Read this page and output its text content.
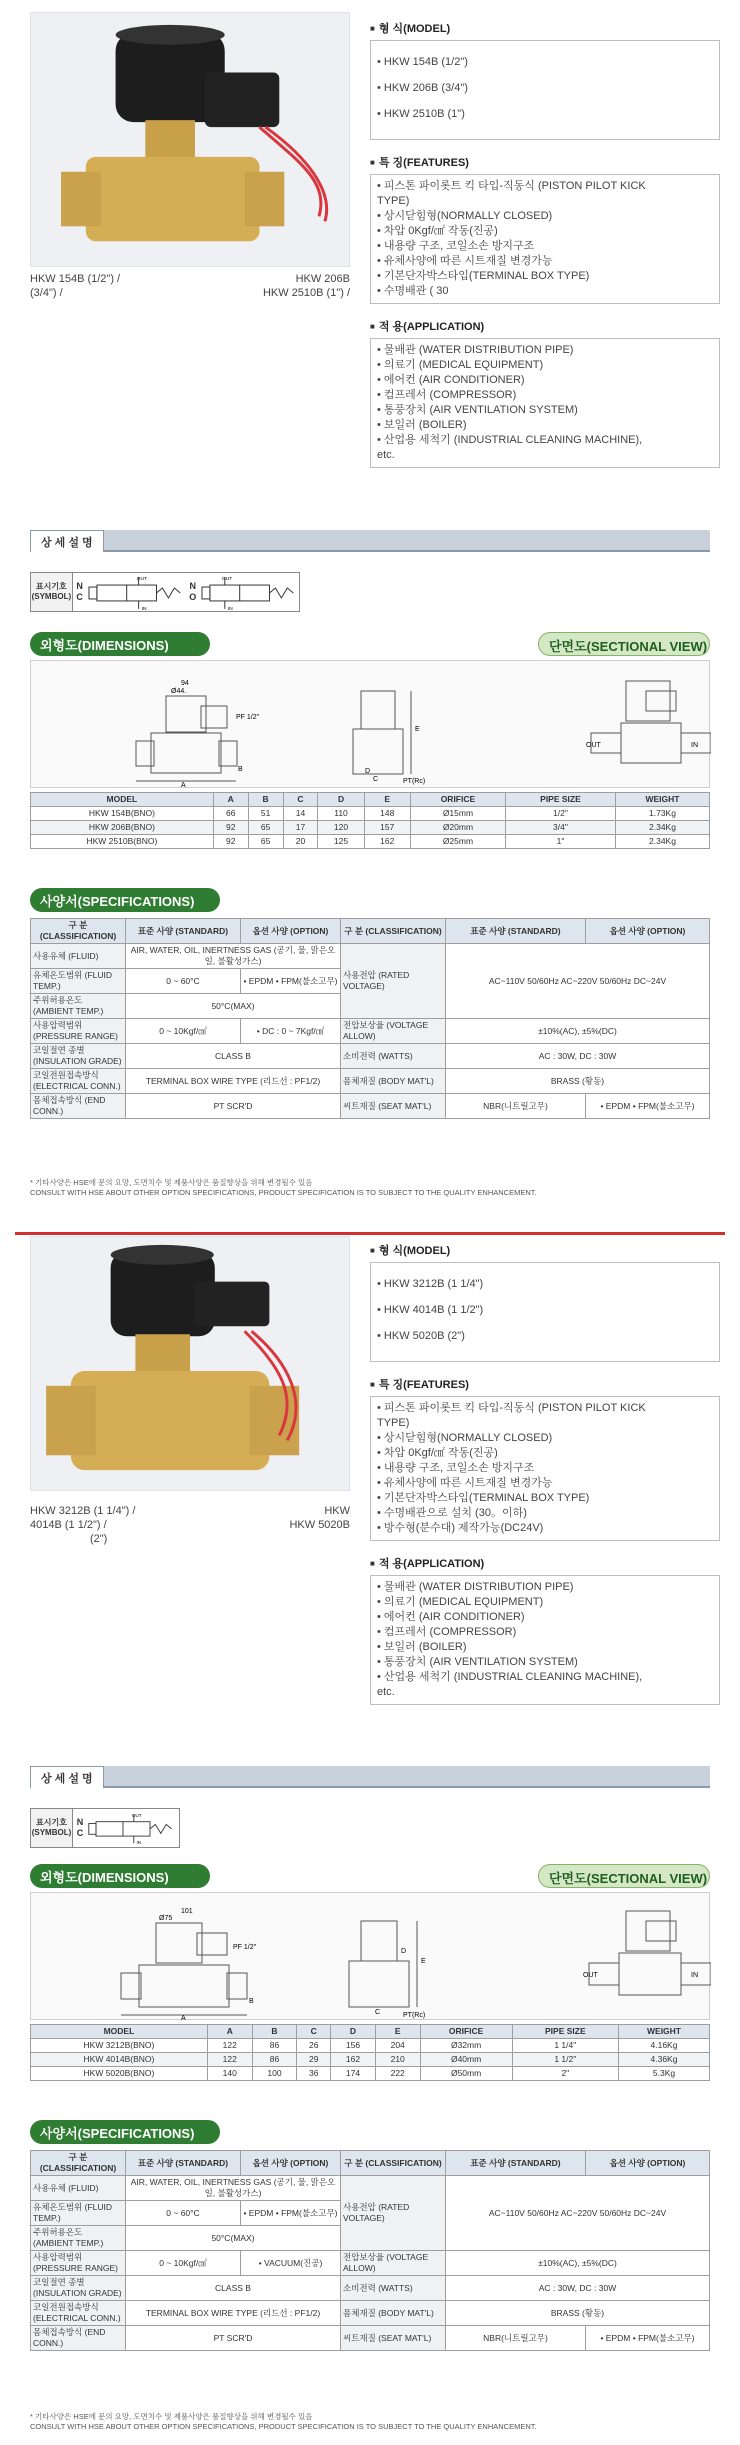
HKW 154B (1/2") /	HKW 206B
(3/4") /	HKW 2510B (1") /
■ 형 식(MODEL)
• HKW 154B (1/2")
• HKW 206B (3/4")
• HKW 2510B (1")
■ 특 징(FEATURES)
• 피스톤 파이롯트 킥 타입-직동식 (PISTON PILOT KICK
TYPE)
• 상시닫힘형(NORMALLY CLOSED)
• 차압 0Kgf/㎠ 작동(진공)
• 내용량 구조, 코일소손 방지구조
• 유체사양에 따른 시트재질 변경가능
• 기본단자박스타입(TERMINAL BOX TYPE)
• 수명배관 ( 30
■ 적 용(APPLICATION)
• 물배관 (WATER DISTRIBUTION PIPE)
• 의료기 (MEDICAL EQUIPMENT)
• 에어컨 (AIR CONDITIONER)
• 컴프레서 (COMPRESSOR)
• 통풍장치 (AIR VENTILATION SYSTEM)
• 보일러 (BOILER)
• 산업용 세척기 (INDUSTRIAL CLEANING MACHINE),
etc.
상 세 설 명
표시기호
(SYMBOL)
N
C
OUT
IN
N
O
OUT
IN
외형도(DIMENSIONS)	단면도(SECTIONAL VIEW)
94
Ø44.
PF 1/2"
A
B
E
C
D
PT(Rc)
OUT	IN
MODEL	A	B	C	D	E	ORIFICE	PIPE SIZE	WEIGHT
HKW 154B(BNO)	66	51	14	110	148	Ø15mm	1/2"	1.73Kg
HKW 206B(BNO)	92	65	17	120	157	Ø20mm	3/4"	2.34Kg
HKW 2510B(BNO)	92	65	20	125	162	Ø25mm	1"	2.34Kg
사양서(SPECIFICATIONS)
구 분 (CLASSIFICATION)	표준 사양 (STANDARD)	옵션 사양 (OPTION)	구 분 (CLASSIFICATION)	표준 사양 (STANDARD)	옵션 사양 (OPTION)
사용유체 (FLUID)	AIR, WATER, OIL, INERTNESS GAS (공기, 물, 맑은오일, 불활성가스)		사용전압 (RATED VOLTAGE)	AC~110V 50/60Hz AC~220V 50/60Hz DC~24V	
유체온도범위 (FLUID TEMP.)	0 ~ 60°C	• EPDM • FPM(불소고무)			
주위허용온도 (AMBIENT TEMP.)	50°C(MAX)				
사용압력범위 (PRESSURE RANGE)	0 ~ 10Kgf/㎠	• DC : 0 ~ 7Kgf/㎠	전압보상율 (VOLTAGE ALLOW)	±10%(AC), ±5%(DC)	
코일절연 종별 (INSULATION GRADE)	CLASS B		소비전력 (WATTS)	AC : 30W, DC : 30W	
코일전원접속방식 (ELECTRICAL CONN.)	TERMINAL BOX WIRE TYPE (리드선 : PF1/2)		몸체재질 (BODY MAT'L)	BRASS (황동)	
몸체접속방식 (END CONN.)	PT SCR'D		씨트재질 (SEAT MAT'L)	NBR(니트릴고무)	• EPDM • FPM(불소고무)
* 기타사양은 HSE에 문의 요망, 도면치수 및 제품사양은 품질향상을 위해 변경될수 있음
CONSULT WITH HSE ABOUT OTHER OPTION SPECIFICATIONS, PRODUCT SPECIFICATION IS TO SUBJECT TO THE QUALITY ENHANCEMENT.
HKW 3212B (1 1/4") /	HKW
4014B (1 1/2") /	HKW 5020B
(2")
■ 형 식(MODEL)
• HKW 3212B (1 1/4")
• HKW 4014B (1 1/2")
• HKW 5020B (2")
■ 특 징(FEATURES)
• 피스톤 파이롯트 킥 타입-직동식 (PISTON PILOT KICK
TYPE)
• 상시닫힘형(NORMALLY CLOSED)
• 차압 0Kgf/㎠ 작동(진공)
• 내용량 구조, 코일소손 방지구조
• 유체사양에 따른 시트재질 변경가능
• 기본단자박스타입(TERMINAL BOX TYPE)
• 수명배관으로 설치 (30。이하)
• 방수형(분수대) 제작가능(DC24V)
■ 적 용(APPLICATION)
• 물배관 (WATER DISTRIBUTION PIPE)
• 의료기 (MEDICAL EQUIPMENT)
• 에어컨 (AIR CONDITIONER)
• 컴프레서 (COMPRESSOR)
• 보일러 (BOILER)
• 통풍장치 (AIR VENTILATION SYSTEM)
• 산업용 세척기 (INDUSTRIAL CLEANING MACHINE),
etc.
상 세 설 명
표시기호
(SYMBOL)
N
C
OUT
IN
외형도(DIMENSIONS)	단면도(SECTIONAL VIEW)
101
Ø75
PF 1/2"
A
B
E
C
D
PT(Rc)
OUT	IN
MODEL	A	B	C	D	E	ORIFICE	PIPE SIZE	WEIGHT
HKW 3212B(BNO)	122	86	26	156	204	Ø32mm	1 1/4"	4.16Kg
HKW 4014B(BNO)	122	86	29	162	210	Ø40mm	1 1/2"	4.36Kg
HKW 5020B(BNO)	140	100	36	174	222	Ø50mm	2"	5.3Kg
사양서(SPECIFICATIONS)
구 분 (CLASSIFICATION)	표준 사양 (STANDARD)	옵션 사양 (OPTION)	구 분 (CLASSIFICATION)	표준 사양 (STANDARD)	옵션 사양 (OPTION)
사용유체 (FLUID)	AIR, WATER, OIL, INERTNESS GAS (공기, 물, 맑은오일, 불활성가스)		사용전압 (RATED VOLTAGE)	AC~110V 50/60Hz AC~220V 50/60Hz DC~24V	
유체온도범위 (FLUID TEMP.)	0 ~ 60°C	• EPDM • FPM(불소고무)			
주위허용온도 (AMBIENT TEMP.)	50°C(MAX)				
사용압력범위 (PRESSURE RANGE)	0 ~ 10Kgf/㎠	• VACUUM(진공)	전압보상율 (VOLTAGE ALLOW)	±10%(AC), ±5%(DC)	
코일절연 종별 (INSULATION GRADE)	CLASS B		소비전력 (WATTS)	AC : 30W, DC : 30W	
코일전원접속방식 (ELECTRICAL CONN.)	TERMINAL BOX WIRE TYPE (리드선 : PF1/2)		몸체재질 (BODY MAT'L)	BRASS (황동)	
몸체접속방식 (END CONN.)	PT SCR'D		씨트재질 (SEAT MAT'L)	NBR(니트릴고무)	• EPDM • FPM(불소고무)
* 기타사양은 HSE에 문의 요망, 도면치수 및 제품사양은 품질향상을 위해 변경될수 있음
CONSULT WITH HSE ABOUT OTHER OPTION SPECIFICATIONS, PRODUCT SPECIFICATION IS TO SUBJECT TO THE QUALITY ENHANCEMENT.
